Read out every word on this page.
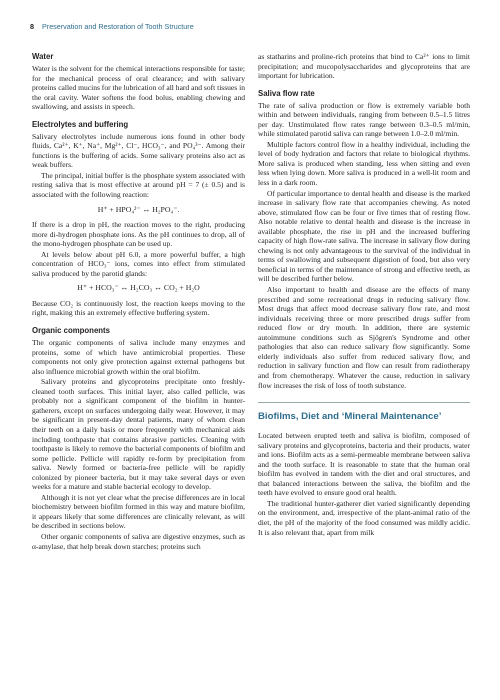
8 Preservation and Restoration of Tooth Structure
Water

Water is the solvent for the chemical interactions responsible for taste; for the mechanical process of oral clearance; and with salivary proteins called mucins for the lubrication of all hard and soft tissues in the oral cavity. Water softens the food bolus, enabling chewing and swallowing, and assists in speech.

Electrolytes and buffering

Salivary electrolytes include numerous ions found in other body fluids, Ca²⁺, K⁺, Na⁺, Mg²⁺, Cl⁻, HCO₃⁻, and PO₄³⁻. Among their functions is the buffering of acids. Some salivary proteins also act as weak buffers.

The principal, initial buffer is the phosphate system associated with resting saliva that is most effective at around pH = 7 (± 0.5) and is associated with the following reaction:

H⁺ + HPO₄²⁻ ↔ H₂PO₄⁻.

If there is a drop in pH, the reaction moves to the right, producing more di-hydrogen phosphate ions. As the pH continues to drop, all of the mono-hydrogen phosphate can be used up.

At levels below about pH 6.0, a more powerful buffer, a high concentration of HCO₃⁻ ions, comes into effect from stimulated saliva produced by the parotid glands:

H⁺ + HCO₃⁻ ↔ H₂CO₃ ↔ CO₂ + H₂O

Because CO₂ is continuously lost, the reaction keeps moving to the right, making this an extremely effective buffering system.

Organic components

The organic components of saliva include many enzymes and proteins, some of which have antimicrobial properties. These components not only give protection against external pathogens but also influence microbial growth within the oral biofilm.

Salivary proteins and glycoproteins precipitate onto freshly-cleaned tooth surfaces. This initial layer, also called pellicle, was probably not a significant component of the biofilm in hunter-gatherers, except on surfaces undergoing daily wear. However, it may be significant in present-day dental patients, many of whom clean their teeth on a daily basis or more frequently with mechanical aids including toothpaste that contains abrasive particles. Cleaning with toothpaste is likely to remove the bacterial components of biofilm and some pellicle. Pellicle will rapidly re-form by precipitation from saliva. Newly formed or bacteria-free pellicle will be rapidly colonized by pioneer bacteria, but it may take several days or even weeks for a mature and stable bacterial ecology to develop.

Although it is not yet clear what the precise differences are in local biochemistry between biofilm formed in this way and mature biofilm, it appears likely that some differences are clinically relevant, as will be described in sections below.

Other organic components of saliva are digestive enzymes, such as α-amylase, that help break down starches; proteins such

as statharins and proline-rich proteins that bind to Ca²⁺ ions to limit precipitation; and mucopolysaccharides and glycoproteins that are important for lubrication.

Saliva flow rate

The rate of saliva production or flow is extremely variable both within and between individuals, ranging from between 0.5–1.5 litres per day. Unstimulated flow rates range between 0.3–0.5 ml/min, while stimulated parotid saliva can range between 1.0–2.0 ml/min.

Multiple factors control flow in a healthy individual, including the level of body hydration and factors that relate to biological rhythms. More saliva is produced when standing, less when sitting and even less when lying down. More saliva is produced in a well-lit room and less in a dark room.

Of particular importance to dental health and disease is the marked increase in salivary flow rate that accompanies chewing. As noted above, stimulated flow can be four or five times that of resting flow. Also notable relative to dental health and disease is the increase in available phosphate, the rise in pH and the increased buffering capacity of high flow-rate saliva. The increase in salivary flow during chewing is not only advantageous to the survival of the individual in terms of swallowing and subsequent digestion of food, but also very beneficial in terms of the maintenance of strong and effective teeth, as will be described further below.

Also important to health and disease are the effects of many prescribed and some recreational drugs in reducing salivary flow. Most drugs that affect mood decrease salivary flow rate, and most individuals receiving three or more prescribed drugs suffer from reduced flow or dry mouth. In addition, there are systemic autoimmune conditions such as Sjögren's Syndrome and other pathologies that also can reduce salivary flow significantly. Some elderly individuals also suffer from reduced salivary flow, and reduction in salivary function and flow can result from radiotherapy and from chemotherapy. Whatever the cause, reduction in salivary flow increases the risk of loss of tooth substance.

Biofilms, Diet and ‘Mineral Maintenance’

Located between erupted teeth and saliva is biofilm, composed of salivary proteins and glycoproteins, bacteria and their products, water and ions. Biofilm acts as a semi-permeable membrane between saliva and the tooth surface. It is reasonable to state that the human oral biofilm has evolved in tandem with the diet and oral structures, and that balanced interactions between the saliva, the biofilm and the teeth have evolved to ensure good oral health.

The traditional hunter-gatherer diet varied significantly depending on the environment, and, irrespective of the plant-animal ratio of the diet, the pH of the majority of the food consumed was mildly acidic. It is also relevant that, apart from milk
